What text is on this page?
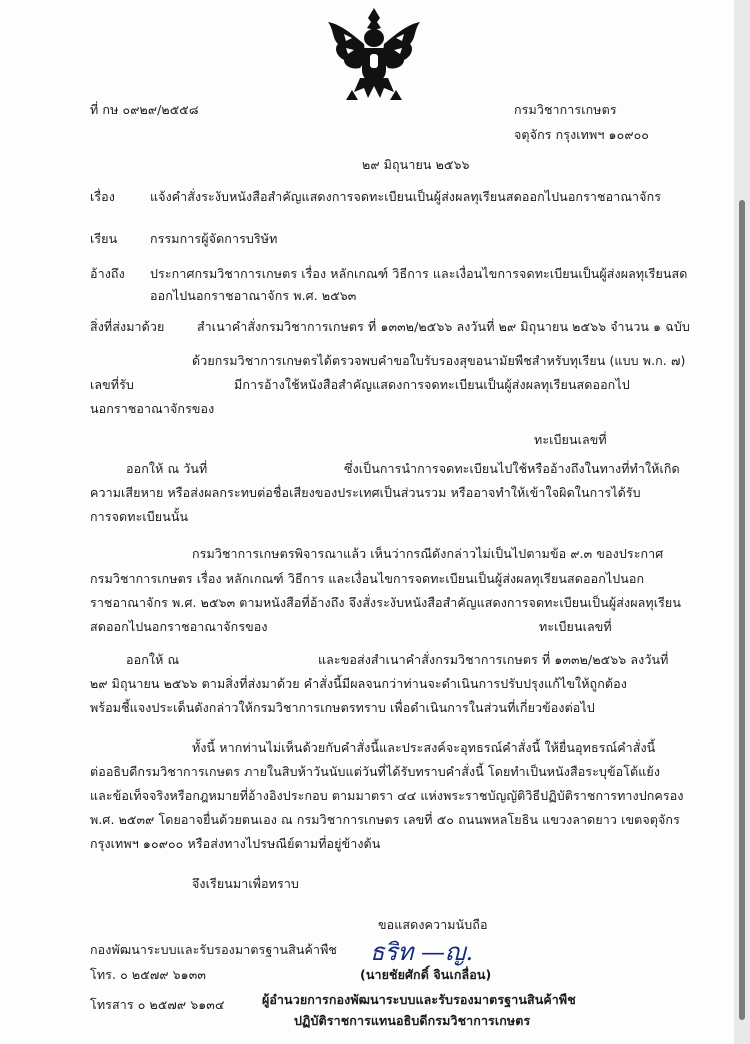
ที่ กษ ๐๙๒๙/๒๕๕๘	กรมวิชาการเกษตร
จตุจักร กรุงเทพฯ ๑๐๙๐๐
๒๙ มิถุนายน ๒๕๖๖
เรื่อง	แจ้งคำสั่งระงับหนังสือสำคัญแสดงการจดทะเบียนเป็นผู้ส่งผลทุเรียนสดออกไปนอกราชอาณาจักร
เรียน	กรรมการผู้จัดการบริษัท
อ้างถึง ประกาศกรมวิชาการเกษตร เรื่อง หลักเกณฑ์ วิธีการ และเงื่อนไขการจดทะเบียนเป็นผู้ส่งผลทุเรียนสด
ออกไปนอกราชอาณาจักร พ.ศ. ๒๕๖๓
สิ่งที่ส่งมาด้วย	สำเนาคำสั่งกรมวิชาการเกษตร ที่ ๑๓๓๒/๒๕๖๖ ลงวันที่ ๒๙ มิถุนายน ๒๕๖๖ จำนวน ๑ ฉบับ
ด้วยกรมวิชาการเกษตรได้ตรวจพบคำขอใบรับรองสุขอนามัยพืชสำหรับทุเรียน (แบบ พ.ก. ๗)
เลขที่รับ	มีการอ้างใช้หนังสือสำคัญแสดงการจดทะเบียนเป็นผู้ส่งผลทุเรียนสดออกไป
นอกราชอาณาจักรของ
ทะเบียนเลขที่
ออกให้ ณ วันที่	ซึ่งเป็นการนำการจดทะเบียนไปใช้หรืออ้างถึงในทางที่ทำให้เกิด
ความเสียหาย หรือส่งผลกระทบต่อชื่อเสียงของประเทศเป็นส่วนรวม หรืออาจทำให้เข้าใจผิดในการได้รับ
การจดทะเบียนนั้น
กรมวิชาการเกษตรพิจารณาแล้ว เห็นว่ากรณีดังกล่าวไม่เป็นไปตามข้อ ๙.๓ ของประกาศ
กรมวิชาการเกษตร เรื่อง หลักเกณฑ์ วิธีการ และเงื่อนไขการจดทะเบียนเป็นผู้ส่งผลทุเรียนสดออกไปนอก
ราชอาณาจักร พ.ศ. ๒๕๖๓ ตามหนังสือที่อ้างถึง จึงสั่งระงับหนังสือสำคัญแสดงการจดทะเบียนเป็นผู้ส่งผลทุเรียน
สดออกไปนอกราชอาณาจักรของ	ทะเบียนเลขที่
ออกให้ ณ	และขอส่งสำเนาคำสั่งกรมวิชาการเกษตร ที่ ๑๓๓๒/๒๕๖๖ ลงวันที่
๒๙ มิถุนายน ๒๕๖๖ ตามสิ่งที่ส่งมาด้วย คำสั่งนี้มีผลจนกว่าท่านจะดำเนินการปรับปรุงแก้ไขให้ถูกต้อง
พร้อมชี้แจงประเด็นดังกล่าวให้กรมวิชาการเกษตรทราบ เพื่อดำเนินการในส่วนที่เกี่ยวข้องต่อไป
ทั้งนี้ หากท่านไม่เห็นด้วยกับคำสั่งนี้และประสงค์จะอุทธรณ์คำสั่งนี้ ให้ยื่นอุทธรณ์คำสั่งนี้
ต่ออธิบดีกรมวิชาการเกษตร ภายในสิบห้าวันนับแต่วันที่ได้รับทราบคำสั่งนี้ โดยทำเป็นหนังสือระบุข้อโต้แย้ง
และข้อเท็จจริงหรือกฎหมายที่อ้างอิงประกอบ ตามมาตรา ๔๔ แห่งพระราชบัญญัติวิธีปฏิบัติราชการทางปกครอง
พ.ศ. ๒๕๓๙ โดยอาจยื่นด้วยตนเอง ณ กรมวิชาการเกษตร เลขที่ ๕๐ ถนนพหลโยธิน แขวงลาดยาว เขตจตุจักร
กรุงเทพฯ ๑๐๙๐๐ หรือส่งทางไปรษณีย์ตามที่อยู่ข้างต้น
จึงเรียนมาเพื่อทราบ
ขอแสดงความนับถือ
ธริท —ญ.
กองพัฒนาระบบและรับรองมาตรฐานสินค้าพืช
(นายชัยศักดิ์ จินเกลื่อน)
โทร. ๐ ๒๕๗๙ ๖๑๓๓
ผู้อำนวยการกองพัฒนาระบบและรับรองมาตรฐานสินค้าพืช
โทรสาร ๐ ๒๕๗๙ ๖๑๓๔
ปฏิบัติราชการแทนอธิบดีกรมวิชาการเกษตร
